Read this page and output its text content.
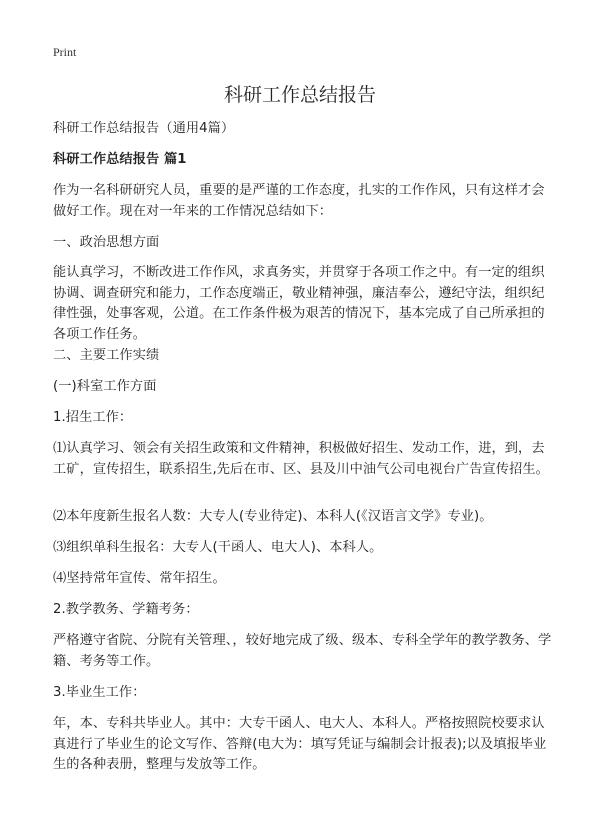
Print
科研工作总结报告

科研工作总结报告（通用4篇）

科研工作总结报告 篇1

作为一名科研研究人员，重要的是严谨的工作态度，扎实的工作作风，只有这样才会做好工作。现在对一年来的工作情况总结如下：

一、政治思想方面

能认真学习，不断改进工作作风，求真务实，并贯穿于各项工作之中。有一定的组织协调、调查研究和能力，工作态度端正，敬业精神强，廉洁奉公，遵纪守法，组织纪律性强，处事客观，公道。在工作条件极为艰苦的情况下，基本完成了自己所承担的各项工作任务。

二、主要工作实绩

(一)科室工作方面

1.招生工作：

⑴认真学习、领会有关招生政策和文件精神，积极做好招生、发动工作，进，到，去工矿，宣传招生，联系招生,先后在市、区、县及川中油气公司电视台广告宣传招生。

⑵本年度新生报名人数：大专人(专业待定)、本科人(《汉语言文学》专业)。

⑶组织单科生报名：大专人(干函人、电大人)、本科人。

⑷坚持常年宣传、常年招生。

2.教学教务、学籍考务：

严格遵守省院、分院有关管理、，较好地完成了级、级本、专科全学年的教学教务、学籍、考务等工作。

3.毕业生工作：

年，本、专科共毕业人。其中：大专干函人、电大人、本科人。严格按照院校要求认真进行了毕业生的论文写作、答辩(电大为：填写凭证与编制会计报表);以及填报毕业生的各种表册，整理与发放等工作。
